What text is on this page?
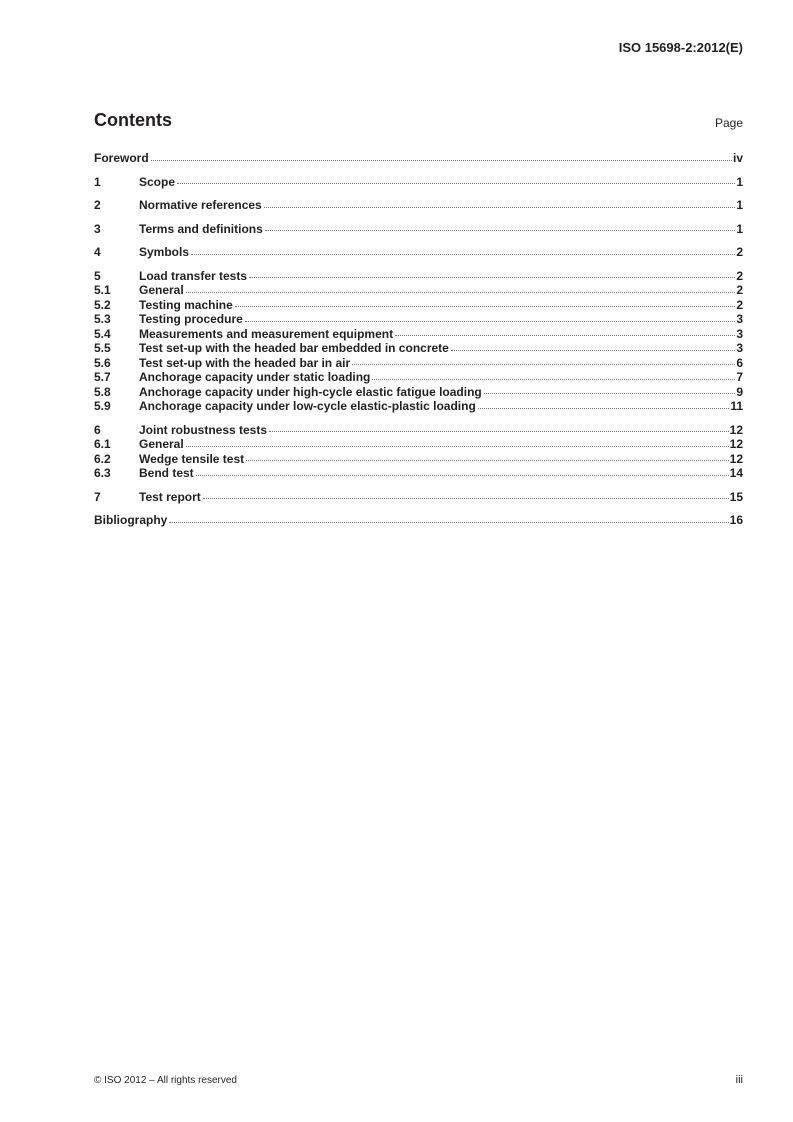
ISO 15698-2:2012(E)
Contents	Page
Foreword	iv
1	Scope	1
2	Normative references	1
3	Terms and definitions	1
4	Symbols	2
5	Load transfer tests	2
5.1	General	2
5.2	Testing machine	2
5.3	Testing procedure	3
5.4	Measurements and measurement equipment	3
5.5	Test set-up with the headed bar embedded in concrete	3
5.6	Test set-up with the headed bar in air	6
5.7	Anchorage capacity under static loading	7
5.8	Anchorage capacity under high-cycle elastic fatigue loading	9
5.9	Anchorage capacity under low-cycle elastic-plastic loading	11
6	Joint robustness tests	12
6.1	General	12
6.2	Wedge tensile test	12
6.3	Bend test	14
7	Test report	15
Bibliography	16
© ISO 2012 – All rights reserved	iii
